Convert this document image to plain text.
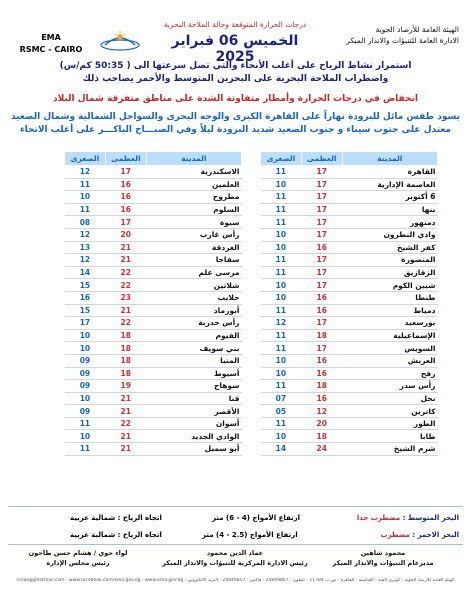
الهيئة العامة للأرصاد الجوية
الادارة العامة للتنبؤات والانذار المبكر
درجات الحرارة المتوقعة وحالة الملاحة البحرية
الخميس 06 فبراير 2025
EMA
RSMC - CAIRO
استمرار نشاط الرياح على أغلب الأنحاء والتي تصل سرعتها الى ( 50:35 كم/س)
واضطراب الملاحة البحرية على البحرين المتوسط والأحمر يصاحب ذلك
انخفاض في درجات الحرارة وأمطار متفاوتة الشدة على مناطق متفرقة شمال البلاد
يسود طقس مائل للبرودة نهاراً على القاهرة الكبرى والوجه البحرى والسواحل الشمالية وشمال الصعيد
معتدل على جنوب سيناء و جنوب الصعيد شديد البرودة ليلاً وفي الصبـــاح الباكـــر على أغلب الانحاء
المدينة	العظمى	الصغرى
القاهرة	17	11
العاصمة الإدارية	17	10
6 أكتوبر	17	11
بنها	17	11
دمنهور	17	11
وادي النطرون	17	10
كفر الشيخ	16	10
المنصورة	17	11
الزقازيق	17	11
شبين الكوم	17	10
طنطا	16	10
دمياط	16	11
بورسعيد	17	12
الإسماعيلية	18	11
السويس	17	11
العريش	16	10
رفح	16	10
رأس سدر	18	11
نخل	16	07
كاترين	12	05
الطور	20	11
طابا	18	10
شرم الشيخ	24	14
المدينة	العظمى	الصغرى
الاسكندرية	17	12
العلمين	16	11
مطروح	16	10
السلوم	16	11
سيوة	17	08
رأس غارب	20	12
الغردقة	21	13
سفاجا	21	12
مرسى علم	22	14
شلاتين	22	15
حلايب	23	16
أبورماد	21	15
رأس حدربة	22	17
الفيوم	18	10
بني سويف	18	10
المنيا	18	09
أسيوط	18	09
سوهاج	19	09
قنا	21	10
الأقصر	21	09
أسوان	22	11
الوادي الجديد	21	10
أبو سمبل	21	11
البحر المتوسط : مضطرب جدا
ارتفاع الأمواج (4 - 6) متر
اتجاه الرياح : شمالية غربية
البحر الاحمر : مضطرب
ارتفاع الأمواج (2.5 - 4) متر
اتجاه الرياح : شمالية غربية
محمود شاهين
مديرعام التنبؤات والانذار المبكر
عماد الدين محمود
رئيس الادارة المركزية للتنبؤات والانذار المبكر
لواء جوي / هشام حسن طاحون
رئيس مجلس الإدارة
الهيئة العامة للأرصاد الجوية - كوبري القبة - العباسية - القاهرة - ص.ب 11784 - تليفون : 24849857 - فاكس : 24849857 - البريد الالكتروني : nmaeg@hotmail.com - www.facebook.com/ema.gov.eg - www.ema.gov.eg
